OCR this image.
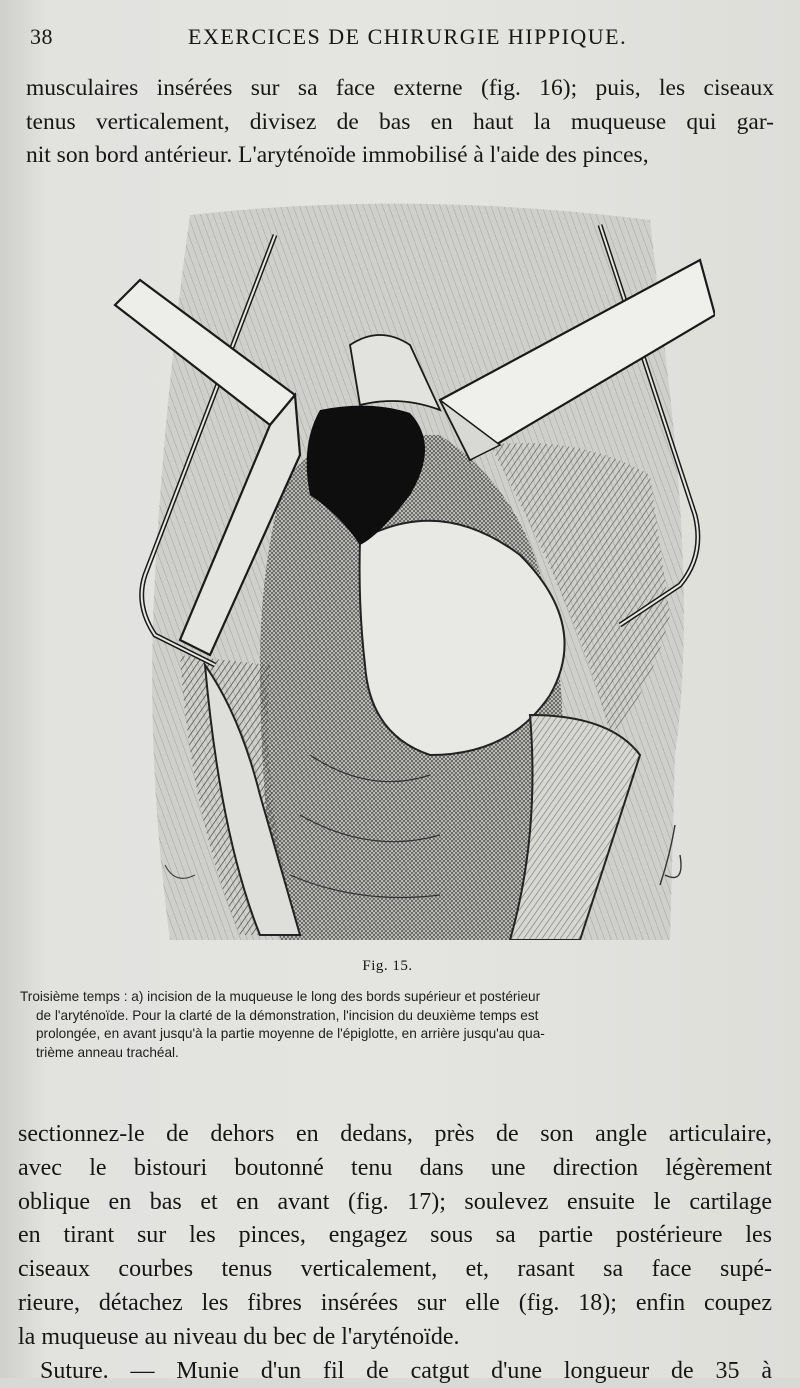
38	EXERCICES DE CHIRURGIE HIPPIQUE.
musculaires insérées sur sa face externe (fig. 16); puis, les ciseaux
tenus verticalement, divisez de bas en haut la muqueuse qui gar-
nit son bord antérieur. L'aryténoïde immobilisé à l'aide des pinces,
Fig. 15.
Troisième temps : a) incision de la muqueuse le long des bords supérieur et postérieur
de l'aryténoïde. Pour la clarté de la démonstration, l'incision du deuxième temps est
prolongée, en avant jusqu'à la partie moyenne de l'épiglotte, en arrière jusqu'au qua-
trième anneau trachéal.
sectionnez-le de dehors en dedans, près de son angle articulaire,
avec le bistouri boutonné tenu dans une direction légèrement
oblique en bas et en avant (fig. 17); soulevez ensuite le cartilage
en tirant sur les pinces, engagez sous sa partie postérieure les
ciseaux courbes tenus verticalement, et, rasant sa face supé-
rieure, détachez les fibres insérées sur elle (fig. 18); enfin coupez
la muqueuse au niveau du bec de l'aryténoïde.
Suture. — Munie d'un fil de catgut d'une longueur de 35 à
